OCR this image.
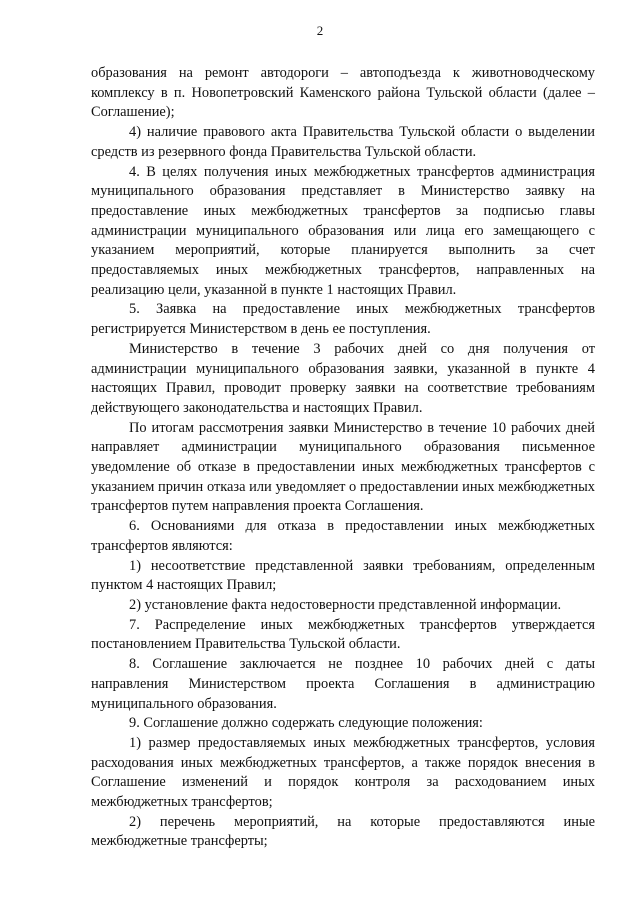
2

образования на ремонт автодороги – автоподъезда к животноводческому комплексу в п. Новопетровский Каменского района Тульской области (далее – Соглашение);

4) наличие правового акта Правительства Тульской области о выделении средств из резервного фонда Правительства Тульской области.

4. В целях получения иных межбюджетных трансфертов администрация муниципального образования представляет в Министерство заявку на предоставление иных межбюджетных трансфертов за подписью главы администрации муниципального образования или лица его замещающего с указанием мероприятий, которые планируется выполнить за счет предоставляемых иных межбюджетных трансфертов, направленных на реализацию цели, указанной в пункте 1 настоящих Правил.

5. Заявка на предоставление иных межбюджетных трансфертов регистрируется Министерством в день ее поступления.

Министерство в течение 3 рабочих дней со дня получения от администрации муниципального образования заявки, указанной в пункте 4 настоящих Правил, проводит проверку заявки на соответствие требованиям действующего законодательства и настоящих Правил.

По итогам рассмотрения заявки Министерство в течение 10 рабочих дней направляет администрации муниципального образования письменное уведомление об отказе в предоставлении иных межбюджетных трансфертов с указанием причин отказа или уведомляет о предоставлении иных межбюджетных трансфертов путем направления проекта Соглашения.

6. Основаниями для отказа в предоставлении иных межбюджетных трансфертов являются:

1) несоответствие представленной заявки требованиям, определенным пунктом 4 настоящих Правил;

2) установление факта недостоверности представленной информации.

7. Распределение иных межбюджетных трансфертов утверждается постановлением Правительства Тульской области.

8. Соглашение заключается не позднее 10 рабочих дней с даты направления Министерством проекта Соглашения в администрацию муниципального образования.

9. Соглашение должно содержать следующие положения:

1) размер предоставляемых иных межбюджетных трансфертов, условия расходования иных межбюджетных трансфертов, а также порядок внесения в Соглашение изменений и порядок контроля за расходованием иных межбюджетных трансфертов;

2) перечень мероприятий, на которые предоставляются иные межбюджетные трансферты;
